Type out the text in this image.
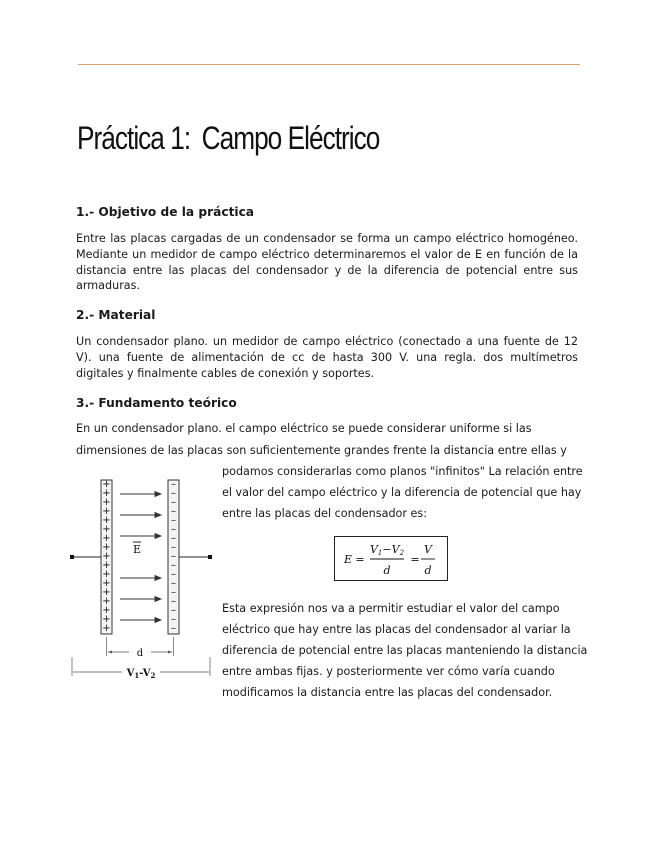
Práctica 1: Campo Eléctrico
1.- Objetivo de la práctica

Entre las placas cargadas de un condensador se forma un campo eléctrico homogéneo. Mediante un medidor de campo eléctrico determinaremos el valor de E en función de la distancia entre las placas del condensador y de la diferencia de potencial entre sus armaduras.

2.- Material

Un condensador plano. un medidor de campo eléctrico (conectado a una fuente de 12 V). una fuente de alimentación de cc de hasta 300 V. una regla. dos multímetros digitales y finalmente cables de conexión y soportes.

3.- Fundamento teórico

En un condensador plano. el campo eléctrico se puede considerar uniforme si las

dimensiones de las placas son suficientemente grandes frente la distancia entre ellas y

podamos considerarlas como planos "infinitos" La relación entre

el valor del campo eléctrico y la diferencia de potencial que hay

entre las placas del condensador es:

+
+
+
+
+
+
+
+
+
+
+
+
+
+
+
+
+
–
–
–
–
–
–
–
–
–
–
–
–
–
–
–
–
–
E
d
$V_1-V_2$
E =
V1−V2
d
=
V
d

Esta expresión nos va a permitir estudiar el valor del campo

eléctrico que hay entre las placas del condensador al variar la

diferencia de potencial entre las placas manteniendo la distancia

entre ambas fijas. y posteriormente ver cómo varía cuando

modificamos la distancia entre las placas del condensador.
